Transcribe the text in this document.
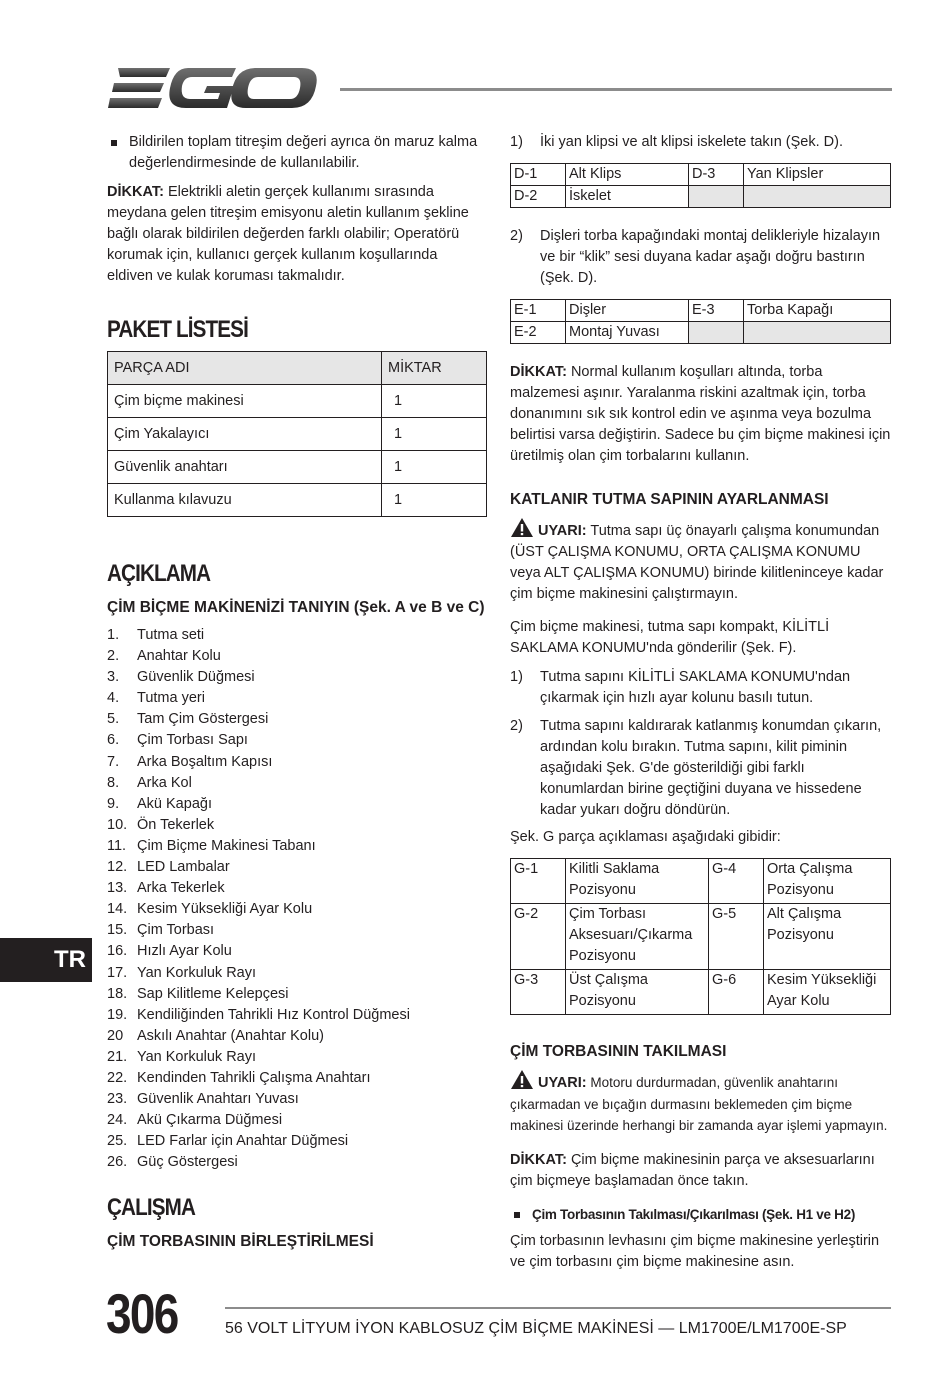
Bildirilen toplam titreşim değeri ayrıca ön maruz kalma değerlendirmesinde de kullanılabilir.

DİKKAT: Elektrikli aletin gerçek kullanımı sırasında meydana gelen titreşim emisyonu aletin kullanım şekline bağlı olarak bildirilen değerden farklı olabilir; Operatörü korumak için, kullanıcı gerçek kullanım koşullarında eldiven ve kulak koruması takmalıdır.

PAKET LİSTESİ
PARÇA ADI	MİKTAR
Çim biçme makinesi	1
Çim Yakalayıcı	1
Güvenlik anahtarı	1
Kullanma kılavuzu	1
AÇIKLAMA
ÇİM BİÇME MAKİNENİZİ TANIYIN (Şek. A ve B ve C)
1.	Tutma seti
2.	Anahtar Kolu
3.	Güvenlik Düğmesi
4.	Tutma yeri
5.	Tam Çim Göstergesi
6.	Çim Torbası Sapı
7.	Arka Boşaltım Kapısı
8.	Arka Kol
9.	Akü Kapağı
10. Ön Tekerlek
11. Çim Biçme Makinesi Tabanı
12. LED Lambalar
13. Arka Tekerlek
14. Kesim Yüksekliği Ayar Kolu
15. Çim Torbası
16. Hızlı Ayar Kolu
17. Yan Korkuluk Rayı
18. Sap Kilitleme Kelepçesi
19. Kendiliğinden Tahrikli Hız Kontrol Düğmesi
20 Askılı Anahtar (Anahtar Kolu)
21. Yan Korkuluk Rayı
22. Kendinden Tahrikli Çalışma Anahtarı
23. Güvenlik Anahtarı Yuvası
24. Akü Çıkarma Düğmesi
25. LED Farlar için Anahtar Düğmesi
26. Güç Göstergesi
ÇALIŞMA
ÇİM TORBASININ BİRLEŞTİRİLMESİ
1)	İki yan klipsi ve alt klipsi iskelete takın (Şek. D).
D-1	Alt Klips	D-3	Yan Klipsler
D-2	İskelet		
2)	Dişleri torba kapağındaki montaj delikleriyle hizalayın ve bir “klik” sesi duyana kadar aşağı doğru bastırın (Şek. D).
E-1	Dişler	E-3	Torba Kapağı
E-2	Montaj Yuvası		

DİKKAT: Normal kullanım koşulları altında, torba malzemesi aşınır. Yaralanma riskini azaltmak için, torba donanımını sık sık kontrol edin ve aşınma veya bozulma belirtisi varsa değiştirin. Sadece bu çim biçme makinesi için üretilmiş olan çim torbalarını kullanın.

KATLANIR TUTMA SAPININ AYARLANMASI

UYARI: Tutma sapı üç önayarlı çalışma konumundan (ÜST ÇALIŞMA KONUMU, ORTA ÇALIŞMA KONUMU veya ALT ÇALIŞMA KONUMU) birinde kilitleninceye kadar çim biçme makinesini çalıştırmayın.

Çim biçme makinesi, tutma sapı kompakt, KİLİTLİ SAKLAMA KONUMU'nda gönderilir (Şek. F).

1)	Tutma sapını KİLİTLİ SAKLAMA KONUMU'ndan çıkarmak için hızlı ayar kolunu basılı tutun.
2)	Tutma sapını kaldırarak katlanmış konumdan çıkarın, ardından kolu bırakın. Tutma sapını, kilit piminin aşağıdaki Şek. G'de gösterildiği gibi farklı konumlardan birine geçtiğini duyana ve hissedene kadar yukarı doğru döndürün.

Şek. G parça açıklaması aşağıdaki gibidir:

G-1	Kilitli Saklama Pozisyonu	G-4	Orta Çalışma Pozisyonu
G-2	Çim Torbası Aksesuarı/Çıkarma Pozisyonu	G-5	Alt Çalışma Pozisyonu
G-3	Üst Çalışma Pozisyonu	G-6	Kesim Yüksekliği Ayar Kolu
ÇİM TORBASININ TAKILMASI

UYARI: Motoru durdurmadan, güvenlik anahtarını çıkarmadan ve bıçağın durmasını beklemeden çim biçme makinesi üzerinde herhangi bir zamanda ayar işlemi yapmayın.

DİKKAT: Çim biçme makinesinin parça ve aksesuarlarını çim biçmeye başlamadan önce takın.

Çim Torbasının Takılması/Çıkarılması (Şek. H1 ve H2)

Çim torbasının levhasını çim biçme makinesine yerleştirin ve çim torbasını çim biçme makinesine asın.

TR
306	56 VOLT LİTYUM İYON KABLOSUZ ÇİM BİÇME MAKİNESİ — LM1700E/LM1700E-SP
